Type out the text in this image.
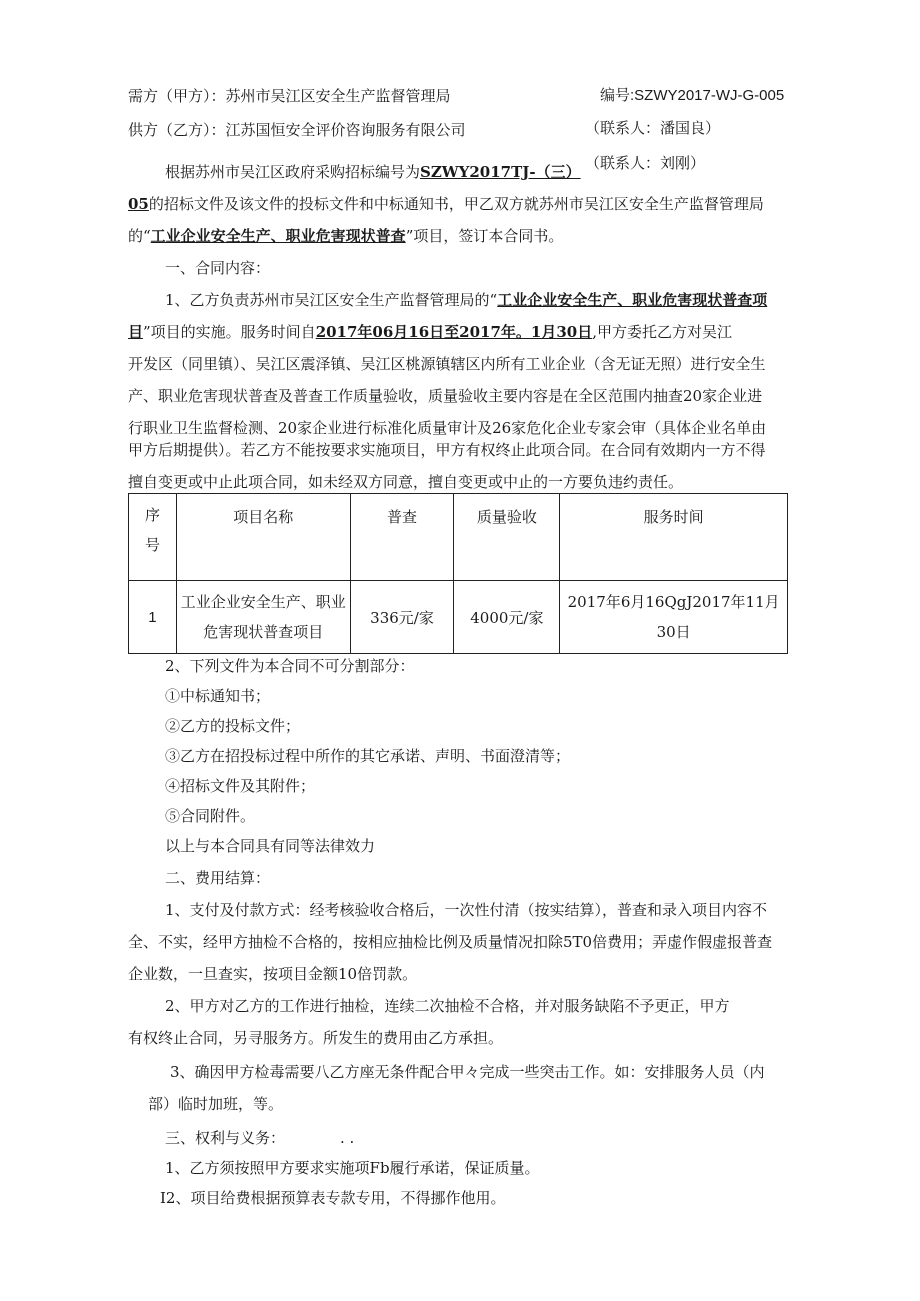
需方（甲方）：苏州市吴江区安全生产监督管理局	编号:SZWY2017-WJ-G-005
供方（乙方）：江苏国恒安全评价咨询服务有限公司	（联系人：潘国良）
（联系人：刘刚）
根据苏州市吴江区政府采购招标编号为SZWY2017TJ-（三）
05的招标文件及该文件的投标文件和中标通知书，甲乙双方就苏州市吴江区安全生产监督管理局
的“工业企业安全生产、职业危害现状普查”项目，签订本合同书。
一、合同内容：
1、乙方负责苏州市吴江区安全生产监督管理局的“工业企业安全生产、职业危害现状普查项
目”项目的实施。服务时间自2017年06月16日至2017年。1月30日,甲方委托乙方对吴江
开发区（同里镇）、吴江区震泽镇、吴江区桃源镇辖区内所有工业企业（含无证无照）进行安全生
产、职业危害现状普查及普查工作质量验收，质量验收主要内容是在全区范围内抽查20家企业进
行职业卫生监督检测、20家企业进行标准化质量审计及26家危化企业专家会审（具体企业名单由
甲方后期提供）。若乙方不能按要求实施项目，甲方有权终止此项合同。在合同有效期内一方不得
擅自变更或中止此项合同，如未经双方同意，擅自变更或中止的一方要负违约责任。
序
号	项目名称	普查	质量验收	服务时间
1	工业企业安全生产、职业
危害现状普查项目	336元/家	4000元/家	2017年6月16QgJ2017年11月
30日
2、下列文件为本合同不可分割部分：
①中标通知书；
②乙方的投标文件；
③乙方在招投标过程中所作的其它承诺、声明、书面澄清等；
④招标文件及其附件；
⑤合同附件。
以上与本合同具有同等法律效力
二、费用结算：
1、支付及付款方式：经考核验收合格后，一次性付清（按实结算），普查和录入项目内容不
全、不实，经甲方抽检不合格的，按相应抽检比例及质量情况扣除5T0倍费用；弄虚作假虚报普查
企业数，一旦查实，按项目金额10倍罚款。
2、甲方对乙方的工作进行抽检，连续二次抽检不合格，并对服务缺陷不予更正，甲方
有权终止合同，另寻服务方。所发生的费用由乙方承担。
3、确因甲方检毒需要八乙方座无条件配合甲々完成一些突击工作。如：安排服务人员（内
部）临时加班，等。
三、权利与义务：	. .
1、乙方须按照甲方要求实施项Fb履行承诺，保证质量。
I2、项目给费根据预算表专款专用，不得挪作他用。
